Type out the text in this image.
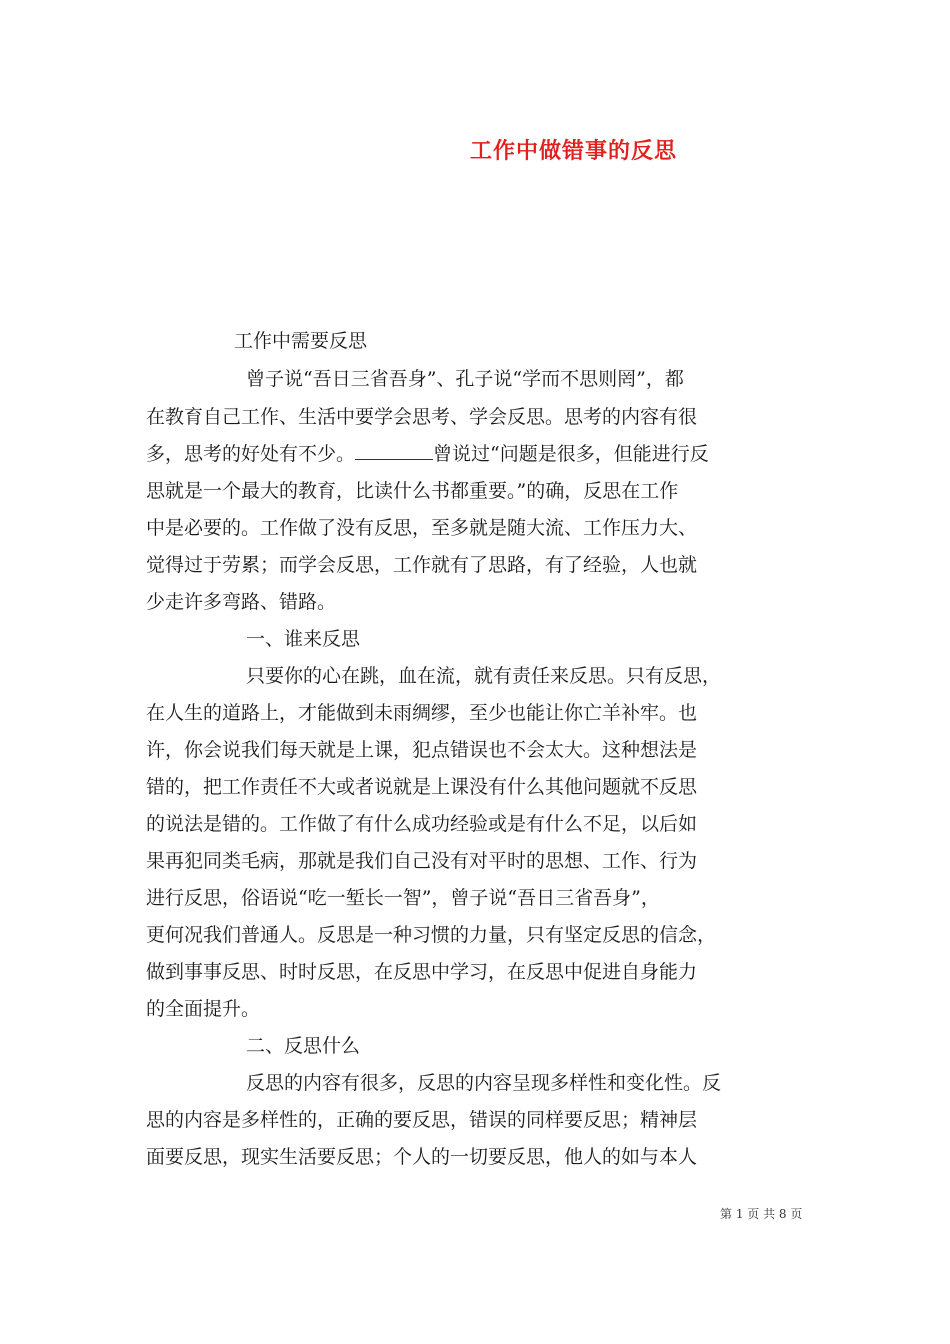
工作中做错事的反思
工作中需要反思
曾子说“吾日三省吾身”、孔子说“学而不思则罔”，都
在教育自己工作、生活中要学会思考、学会反思。思考的内容有很
多，思考的好处有不少。	曾说过“问题是很多，但能进行反
思就是一个最大的教育，比读什么书都重要。”的确，反思在工作
中是必要的。工作做了没有反思，至多就是随大流、工作压力大、
觉得过于劳累；而学会反思，工作就有了思路，有了经验，人也就
少走许多弯路、错路。
一、谁来反思
只要你的心在跳，血在流，就有责任来反思。只有反思，
在人生的道路上，才能做到未雨绸缪，至少也能让你亡羊补牢。也
许，你会说我们每天就是上课，犯点错误也不会太大。这种想法是
错的，把工作责任不大或者说就是上课没有什么其他问题就不反思
的说法是错的。工作做了有什么成功经验或是有什么不足，以后如
果再犯同类毛病，那就是我们自己没有对平时的思想、工作、行为
进行反思，俗语说“吃一堑长一智”，曾子说“吾日三省吾身”，
更何况我们普通人。反思是一种习惯的力量，只有坚定反思的信念，
做到事事反思、时时反思，在反思中学习，在反思中促进自身能力
的全面提升。
二、反思什么
反思的内容有很多，反思的内容呈现多样性和变化性。反
思的内容是多样性的，正确的要反思，错误的同样要反思；精神层
面要反思，现实生活要反思；个人的一切要反思，他人的如与本人
第 1 页 共 8 页
